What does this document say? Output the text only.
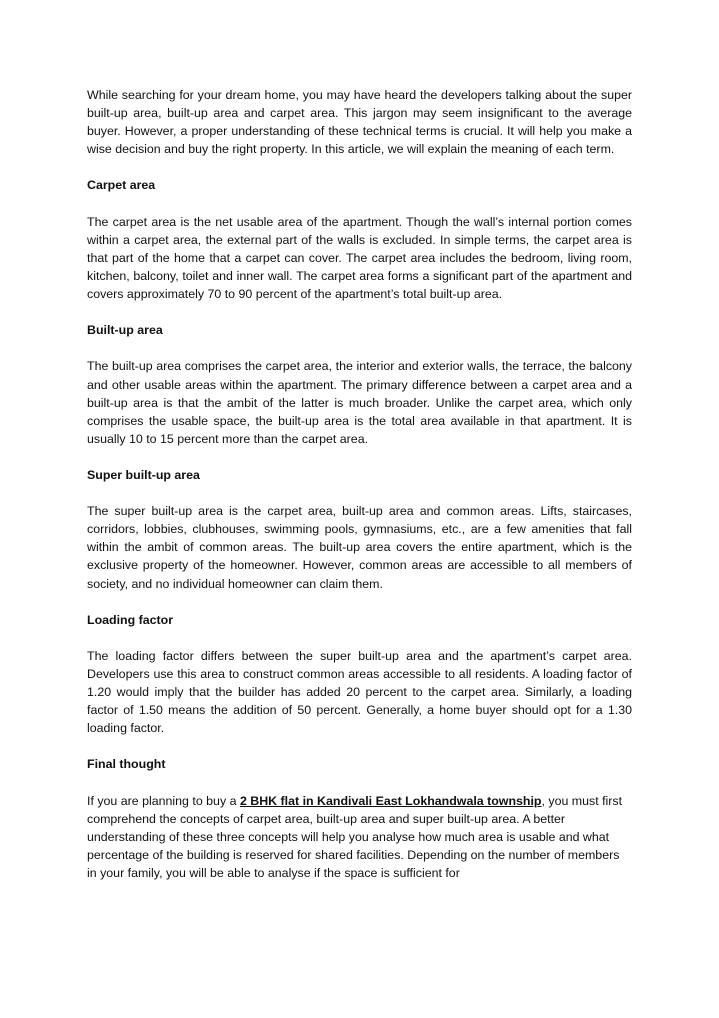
While searching for your dream home, you may have heard the developers talking about the super built-up area, built-up area and carpet area. This jargon may seem insignificant to the average buyer. However, a proper understanding of these technical terms is crucial. It will help you make a wise decision and buy the right property. In this article, we will explain the meaning of each term.

Carpet area

The carpet area is the net usable area of the apartment. Though the wall’s internal portion comes within a carpet area, the external part of the walls is excluded. In simple terms, the carpet area is that part of the home that a carpet can cover. The carpet area includes the bedroom, living room, kitchen, balcony, toilet and inner wall. The carpet area forms a significant part of the apartment and covers approximately 70 to 90 percent of the apartment’s total built-up area.

Built-up area

The built-up area comprises the carpet area, the interior and exterior walls, the terrace, the balcony and other usable areas within the apartment. The primary difference between a carpet area and a built-up area is that the ambit of the latter is much broader. Unlike the carpet area, which only comprises the usable space, the built-up area is the total area available in that apartment. It is usually 10 to 15 percent more than the carpet area.

Super built-up area

The super built-up area is the carpet area, built-up area and common areas. Lifts, staircases, corridors, lobbies, clubhouses, swimming pools, gymnasiums, etc., are a few amenities that fall within the ambit of common areas. The built-up area covers the entire apartment, which is the exclusive property of the homeowner. However, common areas are accessible to all members of society, and no individual homeowner can claim them.

Loading factor

The loading factor differs between the super built-up area and the apartment’s carpet area. Developers use this area to construct common areas accessible to all residents. A loading factor of 1.20 would imply that the builder has added 20 percent to the carpet area. Similarly, a loading factor of 1.50 means the addition of 50 percent. Generally, a home buyer should opt for a 1.30 loading factor.

Final thought

If you are planning to buy a 2 BHK flat in Kandivali East Lokhandwala township, you must first comprehend the concepts of carpet area, built-up area and super built-up area. A better understanding of these three concepts will help you analyse how much area is usable and what percentage of the building is reserved for shared facilities. Depending on the number of members in your family, you will be able to analyse if the space is sufficient for
